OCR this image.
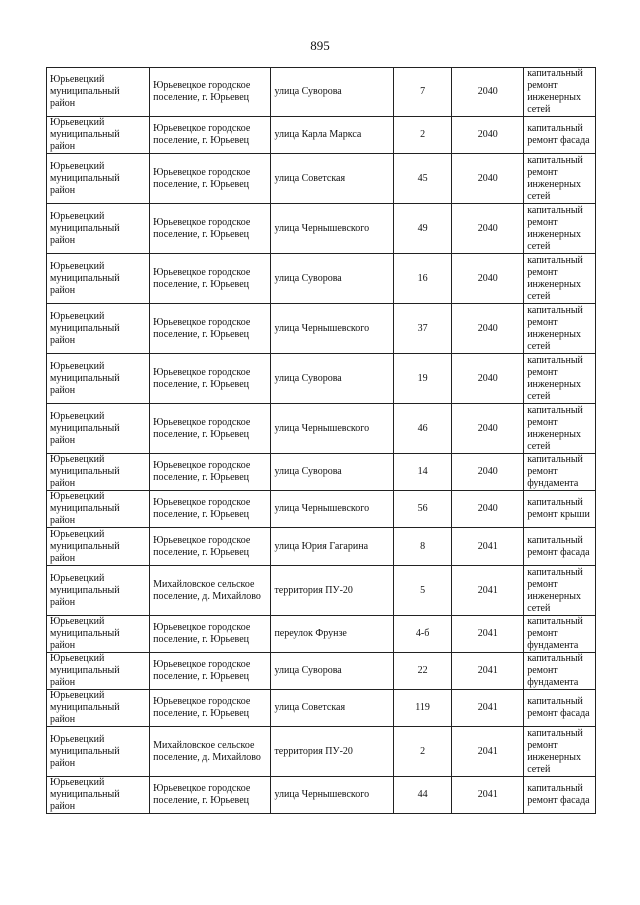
895
Юрьевецкий муниципальный район	Юрьевецкое городское поселение, г. Юрьевец	улица Суворова	7	2040	капитальный ремонт инженерных сетей
Юрьевецкий муниципальный район	Юрьевецкое городское поселение, г. Юрьевец	улица Карла Маркса	2	2040	капитальный ремонт фасада
Юрьевецкий муниципальный район	Юрьевецкое городское поселение, г. Юрьевец	улица Советская	45	2040	капитальный ремонт инженерных сетей
Юрьевецкий муниципальный район	Юрьевецкое городское поселение, г. Юрьевец	улица Чернышевского	49	2040	капитальный ремонт инженерных сетей
Юрьевецкий муниципальный район	Юрьевецкое городское поселение, г. Юрьевец	улица Суворова	16	2040	капитальный ремонт инженерных сетей
Юрьевецкий муниципальный район	Юрьевецкое городское поселение, г. Юрьевец	улица Чернышевского	37	2040	капитальный ремонт инженерных сетей
Юрьевецкий муниципальный район	Юрьевецкое городское поселение, г. Юрьевец	улица Суворова	19	2040	капитальный ремонт инженерных сетей
Юрьевецкий муниципальный район	Юрьевецкое городское поселение, г. Юрьевец	улица Чернышевского	46	2040	капитальный ремонт инженерных сетей
Юрьевецкий муниципальный район	Юрьевецкое городское поселение, г. Юрьевец	улица Суворова	14	2040	капитальный ремонт фундамента
Юрьевецкий муниципальный район	Юрьевецкое городское поселение, г. Юрьевец	улица Чернышевского	56	2040	капитальный ремонт крыши
Юрьевецкий муниципальный район	Юрьевецкое городское поселение, г. Юрьевец	улица Юрия Гагарина	8	2041	капитальный ремонт фасада
Юрьевецкий муниципальный район	Михайловское сельское поселение, д. Михайлово	территория ПУ-20	5	2041	капитальный ремонт инженерных сетей
Юрьевецкий муниципальный район	Юрьевецкое городское поселение, г. Юрьевец	переулок Фрунзе	4-б	2041	капитальный ремонт фундамента
Юрьевецкий муниципальный район	Юрьевецкое городское поселение, г. Юрьевец	улица Суворова	22	2041	капитальный ремонт фундамента
Юрьевецкий муниципальный район	Юрьевецкое городское поселение, г. Юрьевец	улица Советская	119	2041	капитальный ремонт фасада
Юрьевецкий муниципальный район	Михайловское сельское поселение, д. Михайлово	территория ПУ-20	2	2041	капитальный ремонт инженерных сетей
Юрьевецкий муниципальный район	Юрьевецкое городское поселение, г. Юрьевец	улица Чернышевского	44	2041	капитальный ремонт фасада
